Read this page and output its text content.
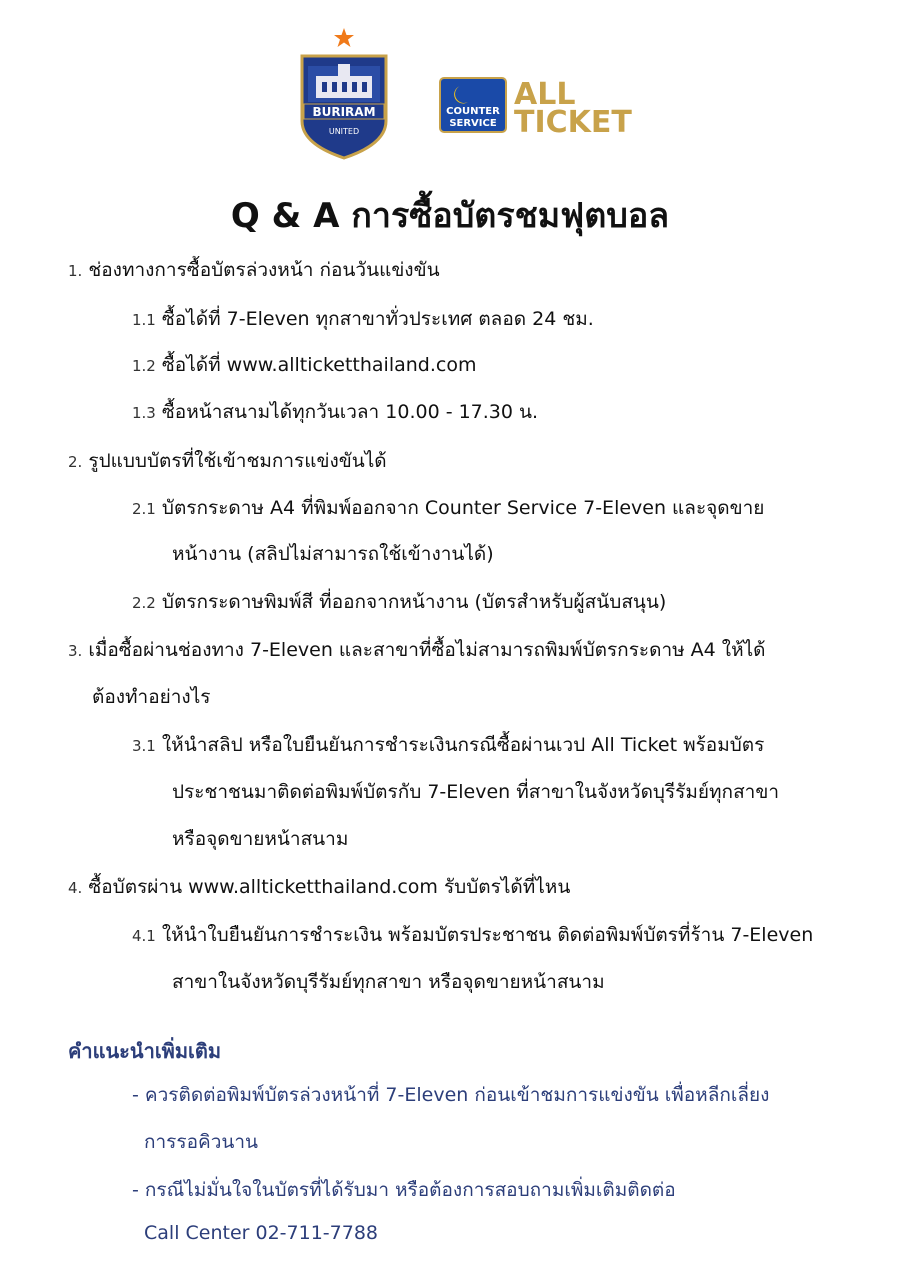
BURIRAM
UNITED
COUNTER
SERVICE
ALL
TICKET
Q & A การซื้อบัตรชมฟุตบอล
1. ช่องทางการซื้อบัตรล่วงหน้า ก่อนวันแข่งขัน
1.1 ซื้อได้ที่ 7-Eleven ทุกสาขาทั่วประเทศ ตลอด 24 ชม.
1.2 ซื้อได้ที่ www.allticketthailand.com
1.3 ซื้อหน้าสนามได้ทุกวันเวลา 10.00 - 17.30 น.
2. รูปแบบบัตรที่ใช้เข้าชมการแข่งขันได้
2.1 บัตรกระดาษ A4 ที่พิมพ์ออกจาก Counter Service 7-Eleven และจุดขาย
หน้างาน (สลิปไม่สามารถใช้เข้างานได้)
2.2 บัตรกระดาษพิมพ์สี ที่ออกจากหน้างาน (บัตรสำหรับผู้สนับสนุน)
3. เมื่อซื้อผ่านช่องทาง 7-Eleven และสาขาที่ซื้อไม่สามารถพิมพ์บัตรกระดาษ A4 ให้ได้
ต้องทำอย่างไร
3.1 ให้นำสลิป หรือใบยืนยันการชำระเงินกรณีซื้อผ่านเวป All Ticket พร้อมบัตร
ประชาชนมาติดต่อพิมพ์บัตรกับ 7-Eleven ที่สาขาในจังหวัดบุรีรัมย์ทุกสาขา
หรือจุดขายหน้าสนาม
4. ซื้อบัตรผ่าน www.allticketthailand.com รับบัตรได้ที่ไหน
4.1 ให้นำใบยืนยันการชำระเงิน พร้อมบัตรประชาชน ติดต่อพิมพ์บัตรที่ร้าน 7-Eleven
สาขาในจังหวัดบุรีรัมย์ทุกสาขา หรือจุดขายหน้าสนาม
คำแนะนำเพิ่มเติม
- ควรติดต่อพิมพ์บัตรล่วงหน้าที่ 7-Eleven ก่อนเข้าชมการแข่งขัน เพื่อหลีกเลี่ยง
การรอคิวนาน
- กรณีไม่มั่นใจในบัตรที่ได้รับมา หรือต้องการสอบถามเพิ่มเติมติดต่อ
Call Center 02-711-7788
